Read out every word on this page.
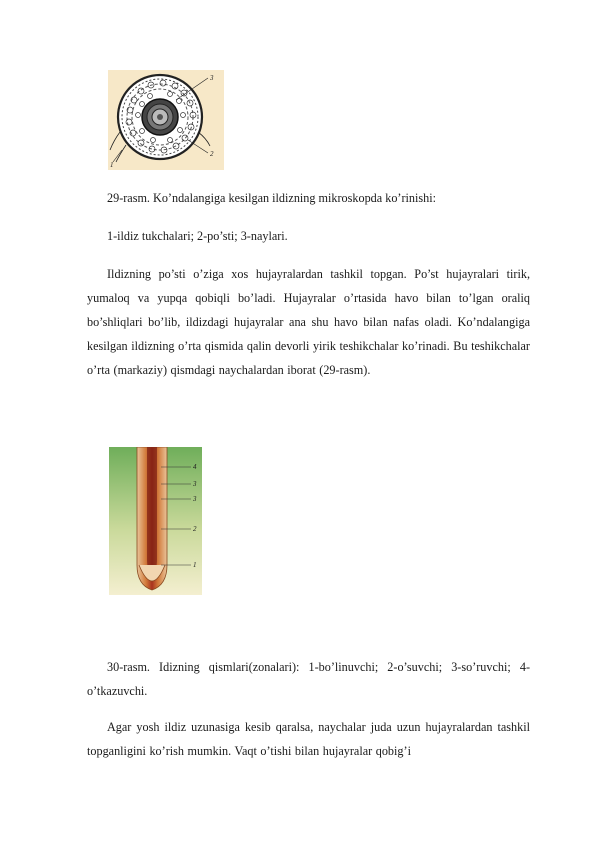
3
2
1
29-rasm. Ko’ndalangiga kesilgan ildizning mikroskopda ko’rinishi:
1-ildiz tukchalari; 2-po’sti; 3-naylari.
Ildizning po’sti o’ziga xos hujayralardan tashkil topgan. Po’st hujayralari tirik, yumaloq va yupqa qobiqli bo’ladi. Hujayralar o’rtasida havo bilan to’lgan oraliq bo’shliqlari bo’lib, ildizdagi hujayralar ana shu havo bilan nafas oladi. Ko’ndalangiga kesilgan ildizning o’rta qismida qalin devorli yirik teshikchalar ko’rinadi. Bu teshikchalar o’rta (markaziy) qismdagi naychalardan iborat (29-rasm).
4
3
3
2
1
30-rasm. Idizning qismlari(zonalari): 1-bo’linuvchi; 2-o’suvchi; 3-so’ruvchi; 4-o’tkazuvchi.
Agar yosh ildiz uzunasiga kesib qaralsa, naychalar juda uzun hujayralardan tashkil topganligini ko’rish mumkin. Vaqt o’tishi bilan hujayralar qobig’i
